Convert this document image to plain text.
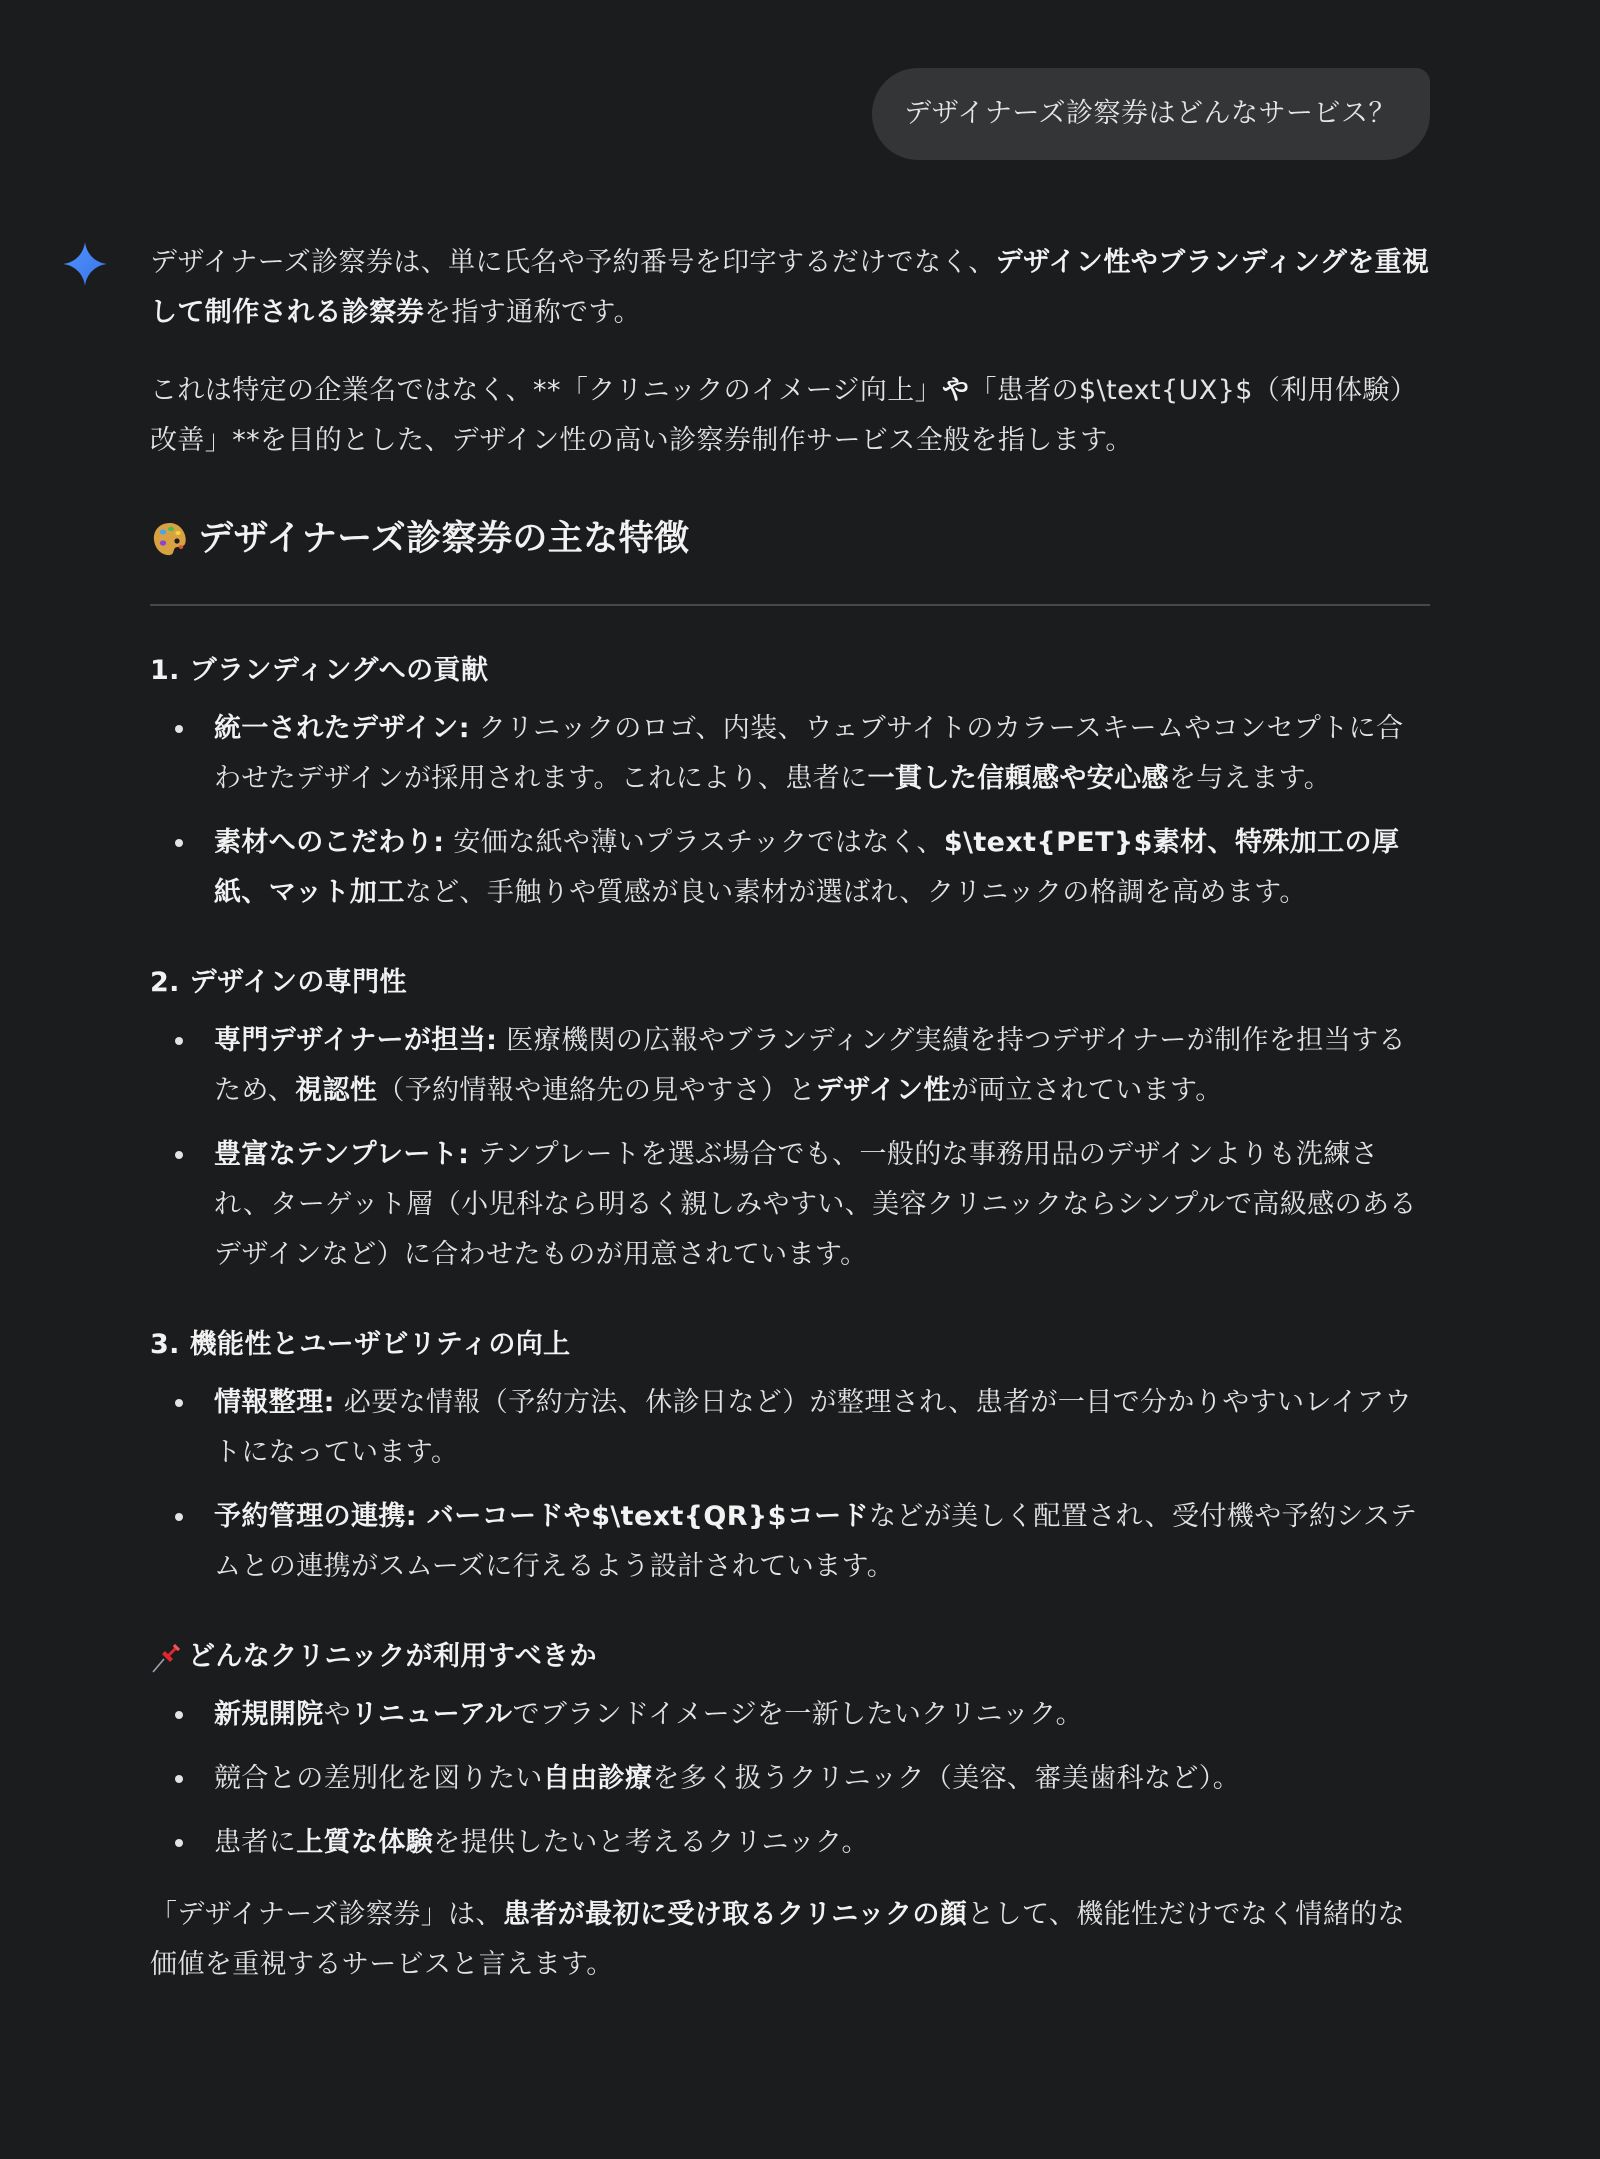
デザイナーズ診察券はどんなサービス？

デザイナーズ診察券は、単に氏名や予約番号を印字するだけでなく、デザイン性やブランディングを重視して制作される診察券を指す通称です。

これは特定の企業名ではなく、**「クリニックのイメージ向上」や「患者の$\text{UX}$（利用体験）改善」**を目的とした、デザイン性の高い診察券制作サービス全般を指します。

デザイナーズ診察券の主な特徴
1. ブランディングへの貢献
統一されたデザイン: クリニックのロゴ、内装、ウェブサイトのカラースキームやコンセプトに合わせたデザインが採用されます。これにより、患者に一貫した信頼感や安心感を与えます。
素材へのこだわり: 安価な紙や薄いプラスチックではなく、$\text{PET}$素材、特殊加工の厚紙、マット加工など、手触りや質感が良い素材が選ばれ、クリニックの格調を高めます。
2. デザインの専門性
専門デザイナーが担当: 医療機関の広報やブランディング実績を持つデザイナーが制作を担当するため、視認性（予約情報や連絡先の見やすさ）とデザイン性が両立されています。
豊富なテンプレート: テンプレートを選ぶ場合でも、一般的な事務用品のデザインよりも洗練され、ターゲット層（小児科なら明るく親しみやすい、美容クリニックならシンプルで高級感のあるデザインなど）に合わせたものが用意されています。
3. 機能性とユーザビリティの向上
情報整理: 必要な情報（予約方法、休診日など）が整理され、患者が一目で分かりやすいレイアウトになっています。
予約管理の連携: バーコードや$\text{QR}$コードなどが美しく配置され、受付機や予約システムとの連携がスムーズに行えるよう設計されています。
どんなクリニックが利用すべきか
新規開院やリニューアルでブランドイメージを一新したいクリニック。
競合との差別化を図りたい自由診療を多く扱うクリニック（美容、審美歯科など）。
患者に上質な体験を提供したいと考えるクリニック。

「デザイナーズ診察券」は、患者が最初に受け取るクリニックの顔として、機能性だけでなく情緒的な価値を重視するサービスと言えます。
